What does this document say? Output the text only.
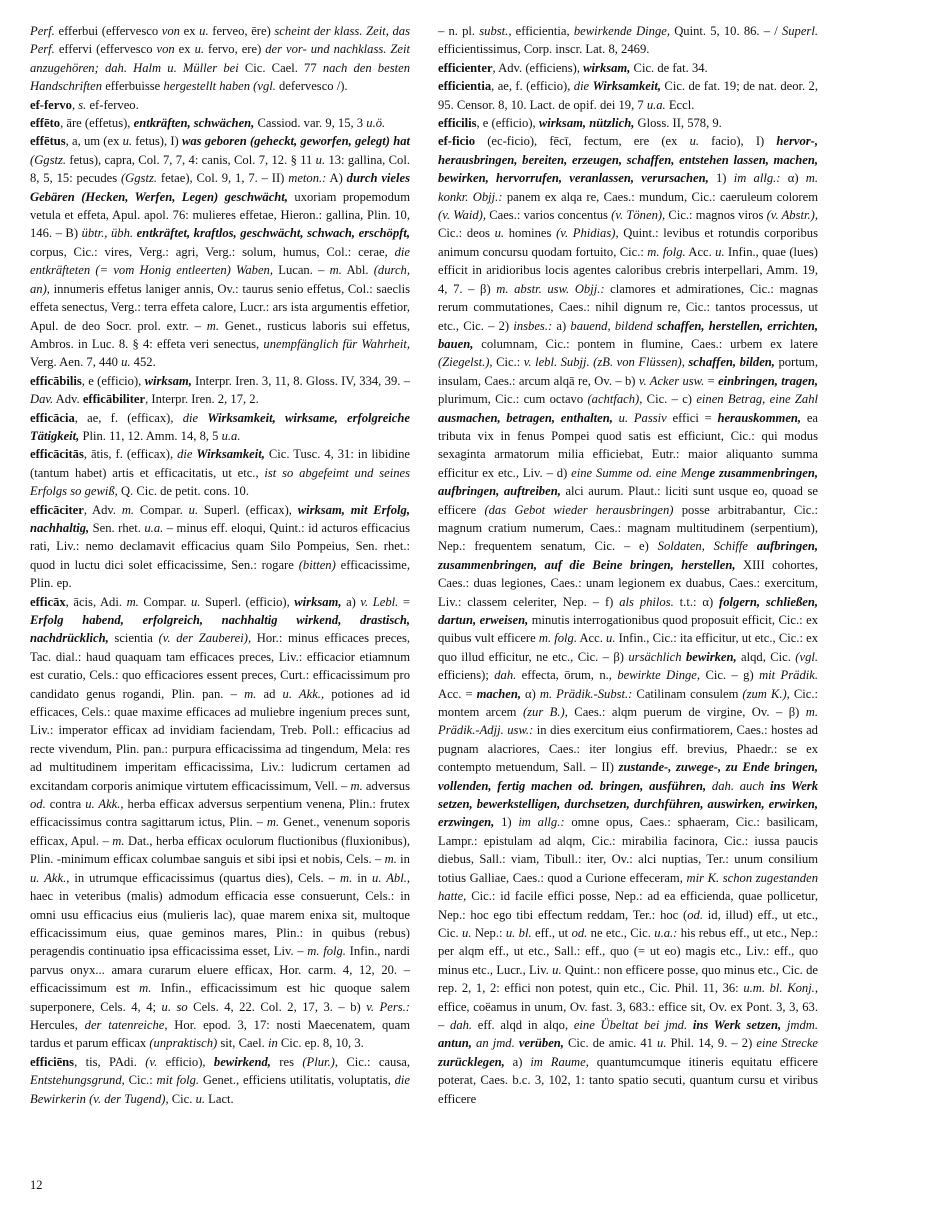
Perf. efferbui (effervesco von ex u. ferveo, ēre) scheint der klass. Zeit, das Perf. effervi (effervesco von ex u. fervo, ere) der vor- und nachklass. Zeit anzugehören; dah. Halm u. Müller bei Cic. Cael. 77 nach den besten Handschriften efferbuisse hergestellt haben (vgl. defervesco /).

ef-fervo, s. ef-ferveo.

effēto, āre (effetus), entkräften, schwächen, Cassiod. var. 9, 15, 3 u.ö.

effētus, a, um (ex u. fetus), I) was geboren (geheckt, geworfen, gelegt) hat (Ggstz. fetus), capra, Col. 7, 7, 4: canis, Col. 7, 12. § 11 u. 13: gallina, Col. 8, 5, 15: pecudes (Ggstz. fetae), Col. 9, 1, 7. – II) meton.: A) durch vieles Gebären (Hecken, Werfen, Legen) geschwächt, uxoriam propemodum vetula et effeta, Apul. apol. 76: mulieres effetae, Hieron.: gallina, Plin. 10, 146. – B) übtr., übh. entkräftet, kraftlos, geschwächt, schwach, erschöpft, corpus, Cic.: vires, Verg.: agri, Verg.: solum, humus, Col.: cerae, die entkräfteten (= vom Honig entleerten) Waben, Lucan. – m. Abl. (durch, an), innumeris effetus laniger annis, Ov.: taurus senio effetus, Col.: saeclis effeta senectus, Verg.: terra effeta calore, Lucr.: ars ista argumentis effetior, Apul. de deo Socr. prol. extr. – m. Genet., rusticus laboris sui effetus, Ambros. in Luc. 8. § 4: effeta veri senectus, unempfänglich für Wahrheit, Verg. Aen. 7, 440 u. 452.

efficābilis, e (efficio), wirksam, Interpr. Iren. 3, 11, 8. Gloss. IV, 334, 39. – Dav. Adv. efficābiliter, Interpr. Iren. 2, 17, 2.

efficācia, ae, f. (efficax), die Wirksamkeit, wirksame, erfolgreiche Tätigkeit, Plin. 11, 12. Amm. 14, 8, 5 u.a.

efficācitās, ātis, f. (efficax), die Wirksamkeit, Cic. Tusc. 4, 31: in libidine (tantum habet) artis et efficacitatis, ut etc., ist so abgefeimt und seines Erfolgs so gewiß, Q. Cic. de petit. cons. 10.

efficāciter, Adv. m. Compar. u. Superl. (efficax), wirksam, mit Erfolg, nachhaltig, Sen. rhet. u.a. – minus eff. eloqui, Quint.: id acturos efficacius rati, Liv.: nemo declamavit efficacius quam Silo Pompeius, Sen. rhet.: quod in luctu dici solet efficacissime, Sen.: rogare (bitten) efficacissime, Plin. ep.

efficāx, ācis, Adi. m. Compar. u. Superl. (efficio), wirksam, a) v. Lebl. = Erfolg habend, erfolgreich, nachhaltig wirkend, drastisch, nachdrücklich, scientia (v. der Zauberei), Hor.: minus efficaces preces, Tac. dial.: haud quaquam tam efficaces preces, Liv.: efficacior etiamnum est curatio, Cels.: quo efficaciores essent preces, Curt.: efficacissimum pro candidato genus rogandi, Plin. pan. – m. ad u. Akk., potiones ad id efficaces, Cels.: quae maxime efficaces ad muliebre ingenium preces sunt, Liv.: imperator efficax ad invidiam faciendam, Treb. Poll.: efficacius ad recte vivendum, Plin. pan.: purpura efficacissima ad tingendum, Mela: res ad multitudinem imperitam efficacissima, Liv.: ludicrum certamen ad excitandam corporis animique virtutem efficacissimum, Vell. – m. adversus od. contra u. Akk., herba efficax adversus serpentium venena, Plin.: frutex efficacissimus contra sagittarum ictus, Plin. – m. Genet., venenum soporis efficax, Apul. – m. Dat., herba efficax oculorum fluctionibus (fluxionibus), Plin. -minimum efficax columbae sanguis et sibi ipsi et nobis, Cels. – m. in u. Akk., in utrumque efficacissimus (quartus dies), Cels. – m. in u. Abl., haec in veteribus (malis) admodum efficacia esse consuerunt, Cels.: in omni usu efficacius eius (mulieris lac), quae marem enixa sit, multoque efficacissimum eius, quae geminos mares, Plin.: in quibus (rebus) peragendis continuatio ipsa efficacissima esset, Liv. – m. folg. Infin., nardi parvus onyx... amara curarum eluere efficax, Hor. carm. 4, 12, 20. – efficacissimum est m. Infin., efficacissimum est hic quoque salem superponere, Cels. 4, 4; u. so Cels. 4, 22. Col. 2, 17, 3. – b) v. Pers.: Hercules, der tatenreiche, Hor. epod. 3, 17: nosti Maecenatem, quam tardus et parum efficax (unpraktisch) sit, Cael. in Cic. ep. 8, 10, 3.

efficiēns, tis, PAdi. (v. efficio), bewirkend, res (Plur.), Cic.: causa, Entstehungsgrund, Cic.: mit folg. Genet., efficiens utilitatis, voluptatis, die Bewirkerin (v. der Tugend), Cic. u. Lact.

– n. pl. subst., efficientia, bewirkende Dinge, Quint. 5, 10. 86. – / Superl. efficientissimus, Corp. inscr. Lat. 8, 2469.

efficienter, Adv. (efficiens), wirksam, Cic. de fat. 34.

efficientia, ae, f. (efficio), die Wirksamkeit, Cic. de fat. 19; de nat. deor. 2, 95. Censor. 8, 10. Lact. de opif. dei 19, 7 u.a. Eccl.

efficilis, e (efficio), wirksam, nützlich, Gloss. II, 578, 9.

ef-ficio (ec-ficio), fēcī, fectum, ere (ex u. facio), I) hervor-, herausbringen, bereiten, erzeugen, schaffen, entstehen lassen, machen, bewirken, hervorrufen, veranlassen, verursachen, 1) im allg.: α) m. konkr. Objj.: panem ex alqa re, Caes.: mundum, Cic.: caeruleum colorem (v. Waid), Caes.: varios concentus (v. Tönen), Cic.: magnos viros (v. Abstr.), Cic.: deos u. homines (v. Phidias), Quint.: levibus et rotundis corporibus animum concursu quodam fortuito, Cic.: m. folg. Acc. u. Infin., quae (lues) efficit in aridioribus locis agentes caloribus crebris interpellari, Amm. 19, 4, 7. – β) m. abstr. usw. Objj.: clamores et admirationes, Cic.: magnas rerum commutationes, Caes.: nihil dignum re, Cic.: tantos processus, ut etc., Cic. – 2) insbes.: a) bauend, bildend schaffen, herstellen, errichten, bauen, columnam, Cic.: pontem in flumine, Caes.: urbem ex latere (Ziegelst.), Cic.: v. lebl. Subjj. (zB. von Flüssen), schaffen, bilden, portum, insulam, Caes.: arcum alqā re, Ov. – b) v. Acker usw. = einbringen, tragen, plurimum, Cic.: cum octavo (achtfach), Cic. – c) einen Betrag, eine Zahl ausmachen, betragen, enthalten, u. Passiv effici = herauskommen, ea tributa vix in fenus Pompei quod satis est efficiunt, Cic.: qui modus sexaginta armatorum milia efficiebat, Eutr.: maior aliquanto summa efficitur ex etc., Liv. – d) eine Summe od. eine Menge zusammenbringen, aufbringen, auftreiben, alci aurum. Plaut.: liciti sunt usque eo, quoad se efficere (das Gebot wieder herausbringen) posse arbitrabantur, Cic.: magnum cratium numerum, Caes.: magnam multitudinem (serpentium), Nep.: frequentem senatum, Cic. – e) Soldaten, Schiffe aufbringen, zusammenbringen, auf die Beine bringen, herstellen, XIII cohortes, Caes.: duas legiones, Caes.: unam legionem ex duabus, Caes.: exercitum, Liv.: classem celeriter, Nep. – f) als philos. t.t.: α) folgern, schließen, dartun, erweisen, minutis interrogationibus quod proposuit efficit, Cic.: ex quibus vult efficere m. folg. Acc. u. Infin., Cic.: ita efficitur, ut etc., Cic.: ex quo illud efficitur, ne etc., Cic. – β) ursächlich bewirken, alqd, Cic. (vgl. efficiens); dah. effecta, ōrum, n., bewirkte Dinge, Cic. – g) mit Prädik. Acc. = machen, α) m. Prädik.-Subst.: Catilinam consulem (zum K.), Cic.: montem arcem (zur B.), Caes.: alqm puerum de virgine, Ov. – β) m. Prädik.-Adjj. usw.: in dies exercitum eius confirmatiorem, Caes.: hostes ad pugnam alacriores, Caes.: iter longius eff. brevius, Phaedr.: se ex contempto metuendum, Sall. – II) zustande-, zuwege-, zu Ende bringen, vollenden, fertig machen od. bringen, ausführen, dah. auch ins Werk setzen, bewerkstelligen, durchsetzen, durchführen, auswirken, erwirken, erzwingen, 1) im allg.: omne opus, Caes.: sphaeram, Cic.: basilicam, Lampr.: epistulam ad alqm, Cic.: mirabilia facinora, Cic.: iussa paucis diebus, Sall.: viam, Tibull.: iter, Ov.: alci nuptias, Ter.: unum consilium totius Galliae, Caes.: quod a Curione effeceram, mir K. schon zugestanden hatte, Cic.: id facile effici posse, Nep.: ad ea efficienda, quae pollicetur, Nep.: hoc ego tibi effectum reddam, Ter.: hoc (od. id, illud) eff., ut etc., Cic. u. Nep.: u. bl. eff., ut od. ne etc., Cic. u.a.: his rebus eff., ut etc., Nep.: per alqm eff., ut etc., Sall.: eff., quo (= ut eo) magis etc., Liv.: eff., quo minus etc., Lucr., Liv. u. Quint.: non efficere posse, quo minus etc., Cic. de rep. 2, 1, 2: effici non potest, quin etc., Cic. Phil. 11, 36: u.m. bl. Konj., effice, coëamus in unum, Ov. fast. 3, 683.: effice sit, Ov. ex Pont. 3, 3, 63. – dah. eff. alqd in alqo, eine Übeltat bei jmd. ins Werk setzen, jmdm. antun, an jmd. verüben, Cic. de amic. 41 u. Phil. 14, 9. – 2) eine Strecke zurücklegen, a) im Raume, quantumcumque itineris equitatu efficere poterat, Caes. b.c. 3, 102, 1: tanto spatio secuti, quantum cursu et viribus efficere

12
